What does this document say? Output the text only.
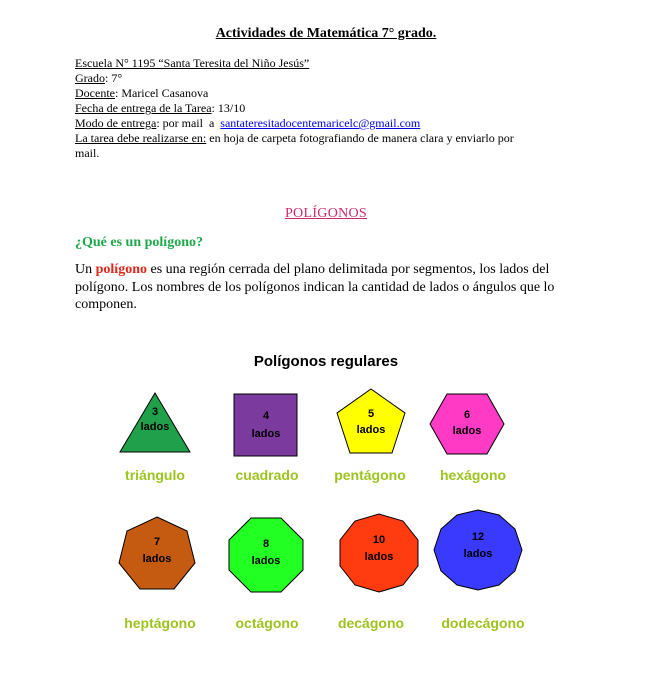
Actividades de Matemática 7° grado.
Escuela N° 1195 “Santa Teresita del Niño Jesús”
Grado: 7°
Docente: Maricel Casanova
Fecha de entrega de la Tarea: 13/10
Modo de entrega: por mail  a  santateresitadocentemaricelc@gmail.com
La tarea debe realizarse en: en hoja de carpeta fotografiando de manera clara y enviarlo por
mail.
POLÍGONOS
¿Qué es un polígono?
Un polígono es una región cerrada del plano delimitada por segmentos, los lados del polígono. Los nombres de los polígonos indican la cantidad de lados o ángulos que lo componen.
Polígonos regulares
3
lados
triángulo
4
lados
cuadrado
5
lados
pentágono
6
lados
hexágono
7
lados
heptágono
8
lados
octágono
10
lados
decágono
12
lados
dodecágono
